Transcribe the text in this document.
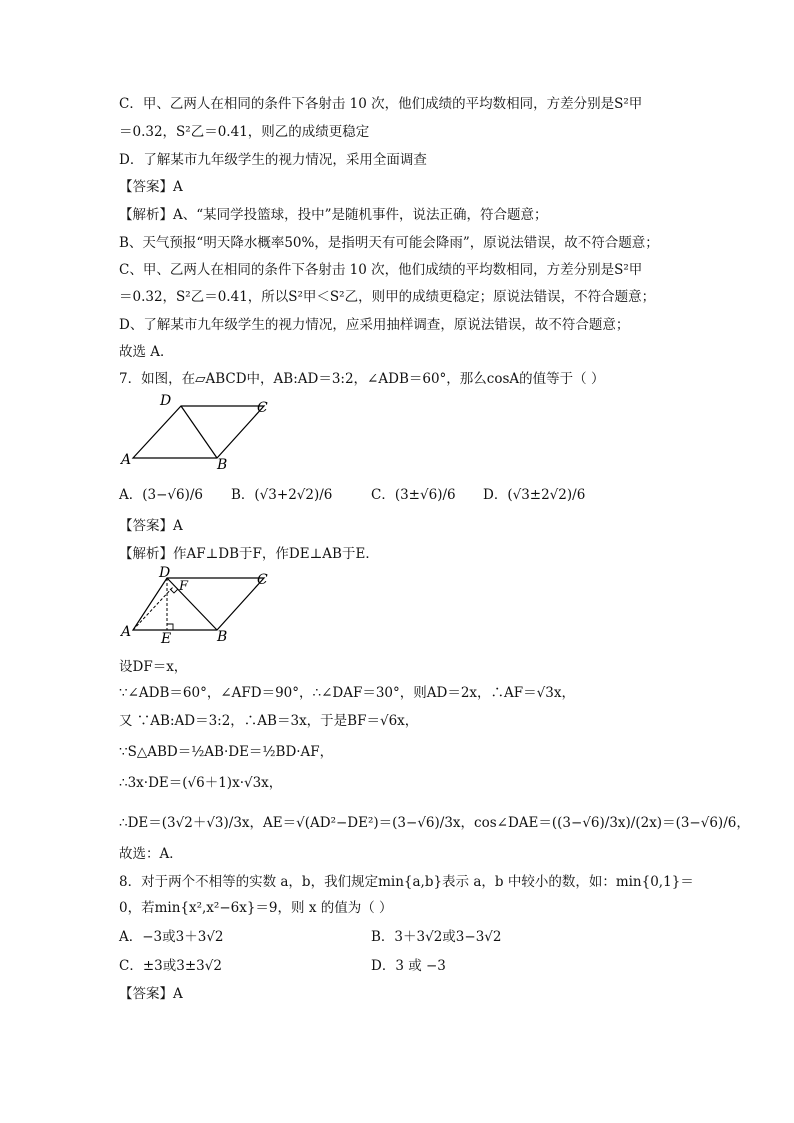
C．甲、乙两人在相同的条件下各射击 10 次，他们成绩的平均数相同，方差分别是S²甲
＝0.32，S²乙＝0.41，则乙的成绩更稳定
D．了解某市九年级学生的视力情况，采用全面调查
【答案】A
【解析】A、“某同学投篮球，投中”是随机事件，说法正确，符合题意；
B、天气预报“明天降水概率50%，是指明天有可能会降雨”，原说法错误，故不符合题意；
C、甲、乙两人在相同的条件下各射击 10 次，他们成绩的平均数相同，方差分别是S²甲
＝0.32，S²乙＝0.41，所以S²甲＜S²乙，则甲的成绩更稳定；原说法错误，不符合题意；
D、了解某市九年级学生的视力情况，应采用抽样调查，原说法错误，故不符合题意；
故选 A．
7．如图，在▱ABCD中，AB:AD＝3:2，∠ADB＝60°，那么cosA的值等于（ ）
D	C
A	B
A．(3−√6)/6 B．(√3+2√2)/6	C．(3±√6)/6 D．(√3±2√2)/6
【答案】A
【解析】作AF⊥DB于F，作DE⊥AB于E．
D	C
F
A E	B
设DF＝x，
∵∠ADB＝60°，∠AFD＝90°，∴∠DAF＝30°，则AD＝2x，∴AF＝√3x，
又 ∵AB:AD＝3:2，∴AB＝3x，于是BF＝√6x，
∵S△ABD＝½AB·DE＝½BD·AF，
∴3x·DE＝(√6＋1)x·√3x，
∴DE＝(3√2＋√3)/3x，AE＝√(AD²−DE²)＝(3−√6)/3x，cos∠DAE＝((3−√6)/3x)/(2x)＝(3−√6)/6，
故选：A．
8．对于两个不相等的实数 a，b，我们规定min{a,b}表示 a，b 中较小的数，如：min{0,1}＝
0，若min{x²,x²−6x}＝9，则 x 的值为（ ）
A．−3或3＋3√2	B．3＋3√2或3−3√2
C．±3或3±3√2	D．3 或 −3
【答案】A
